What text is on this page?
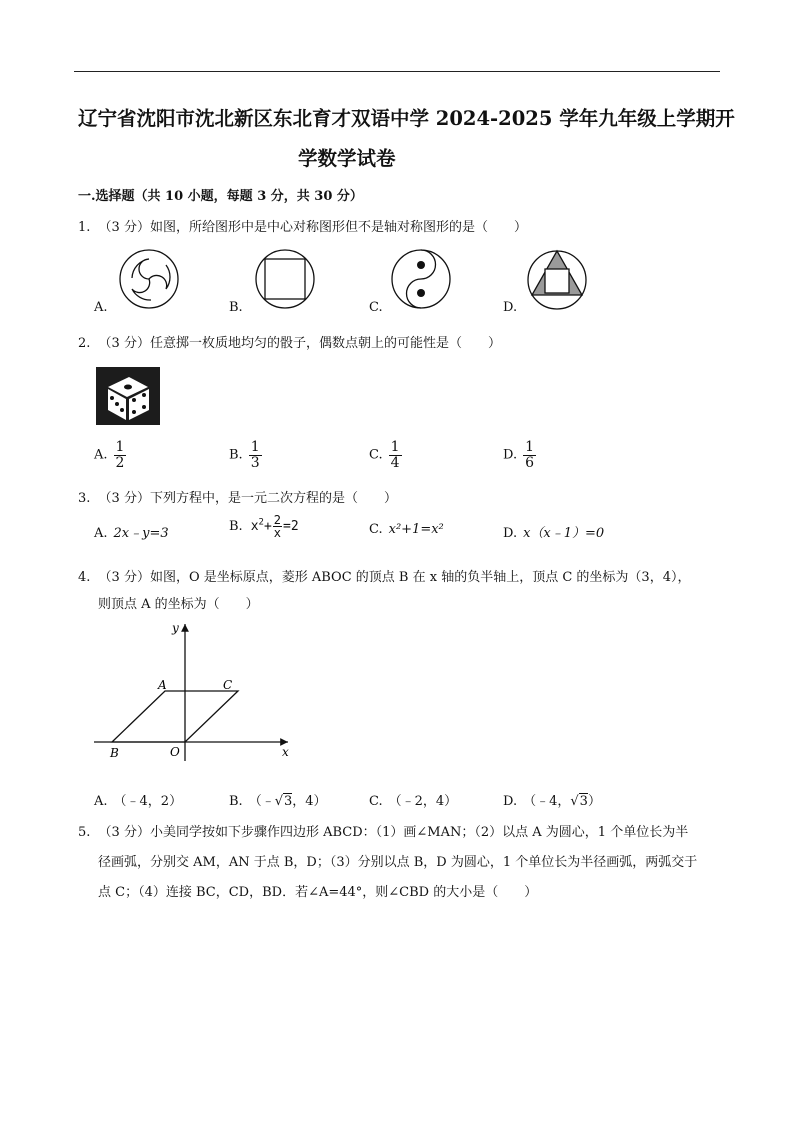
辽宁省沈阳市沈北新区东北育才双语中学 2024-2025 学年九年级上学期开
学数学试卷
一.选择题（共 10 小题，每题 3 分，共 30 分）
1. （3 分）如图，所给图形中是中心对称图形但不是轴对称图形的是（　　）
A.	B.	C.	D.
2. （3 分）任意掷一枚质地均匀的骰子，偶数点朝上的可能性是（　　）
A. $\frac{1}{2}$	B. $\frac{1}{3}$	C. $\frac{1}{4}$	D. $\frac{1}{6}$
3. （3 分）下列方程中，是一元二次方程的是（　　）
A. 2x﹣y=3	B. $x^2+ \frac{2}{x} =2$	C. x²+1=x²	D. x（x﹣1）=0
4. （3 分）如图，O 是坐标原点，菱形 ABOC 的顶点 B 在 x 轴的负半轴上，顶点 C 的坐标为（3，4），
则顶点 A 的坐标为（　　）
y
x
A	C
B	O
A. （﹣4，2）	B. （﹣√3，4）	C. （﹣2，4）	D. （﹣4，√3）
5. （3 分）小美同学按如下步骤作四边形 ABCD：（1）画∠MAN；（2）以点 A 为圆心，1 个单位长为半
径画弧，分别交 AM，AN 于点 B，D；（3）分别以点 B，D 为圆心，1 个单位长为半径画弧，两弧交于
点 C；（4）连接 BC，CD，BD．若∠A=44°，则∠CBD 的大小是（　　）
